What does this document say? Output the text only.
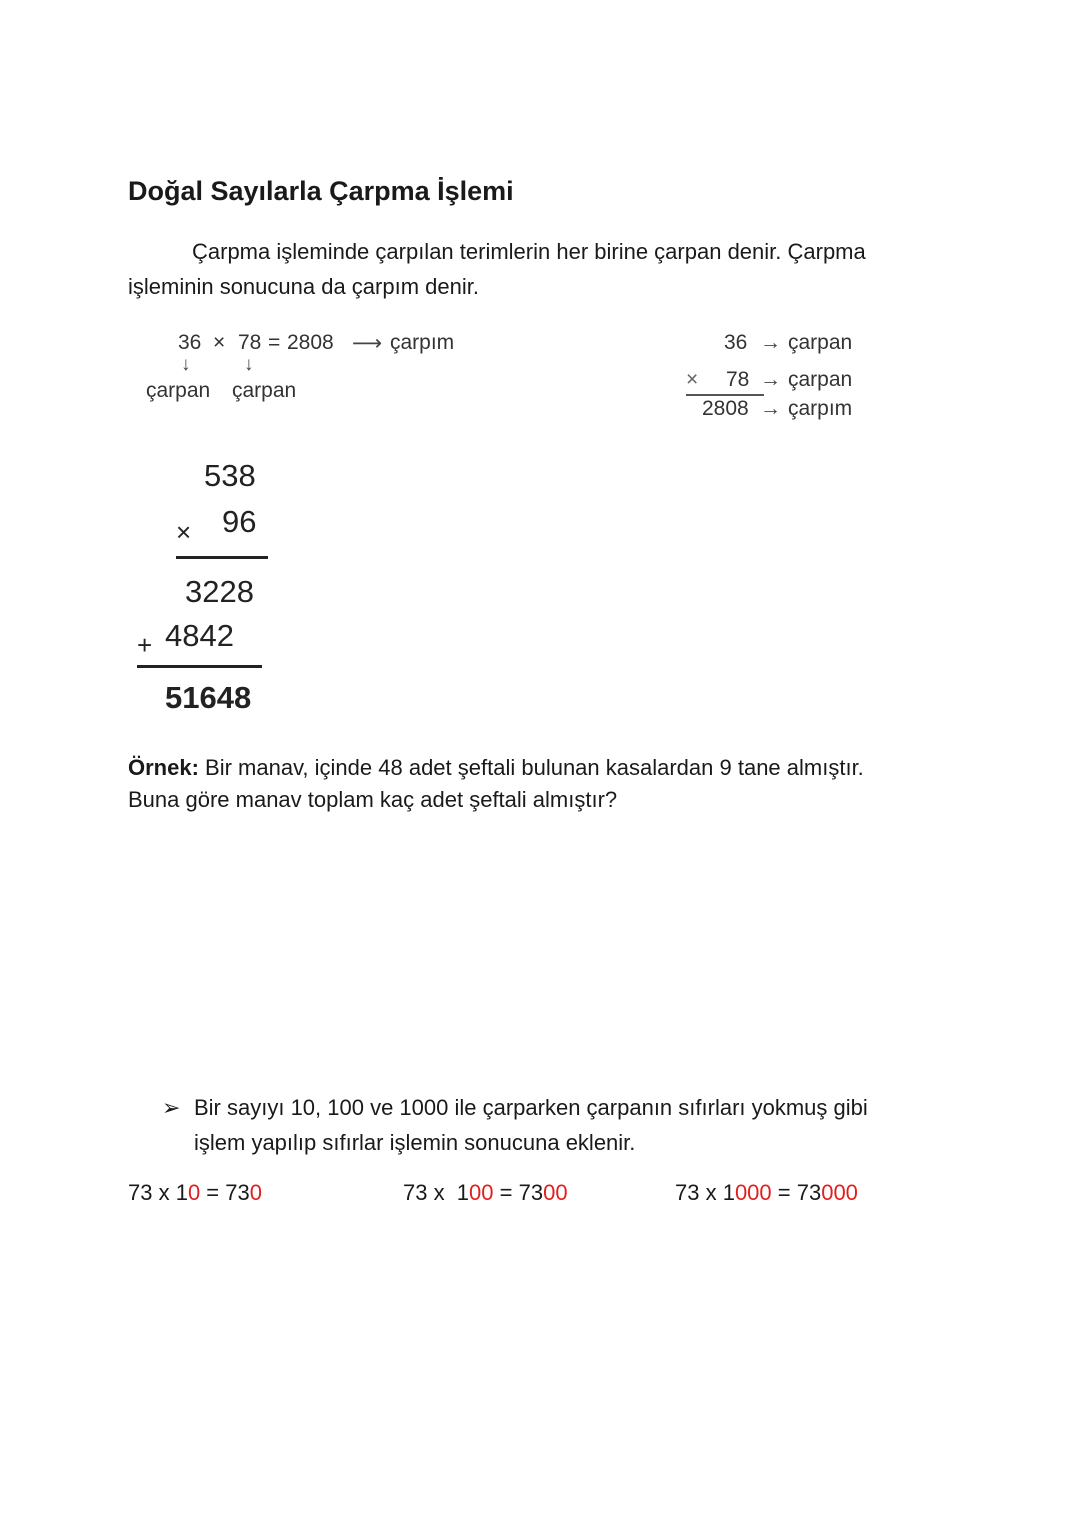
Doğal Sayılarla Çarpma İşlemi
Çarpma işleminde çarpılan terimlerin her birine çarpan denir. Çarpma
işleminin sonucuna da çarpım denir.
36 × 78 = 2808 ⟶ çarpım
↓	↓
çarpan çarpan
36 → çarpan
× 78 → çarpan
2808 → çarpım
538
× 96
3228
+ 4842
51648
Örnek: Bir manav, içinde 48 adet şeftali bulunan kasalardan 9 tane almıştır.
Buna göre manav toplam kaç adet şeftali almıştır?
➢ Bir sayıyı 10, 100 ve 1000 ile çarparken çarpanın sıfırları yokmuş gibi
işlem yapılıp sıfırlar işlemin sonucuna eklenir.
73 x 10 = 730	73 x  100 = 7300	73 x 1000 = 73000
